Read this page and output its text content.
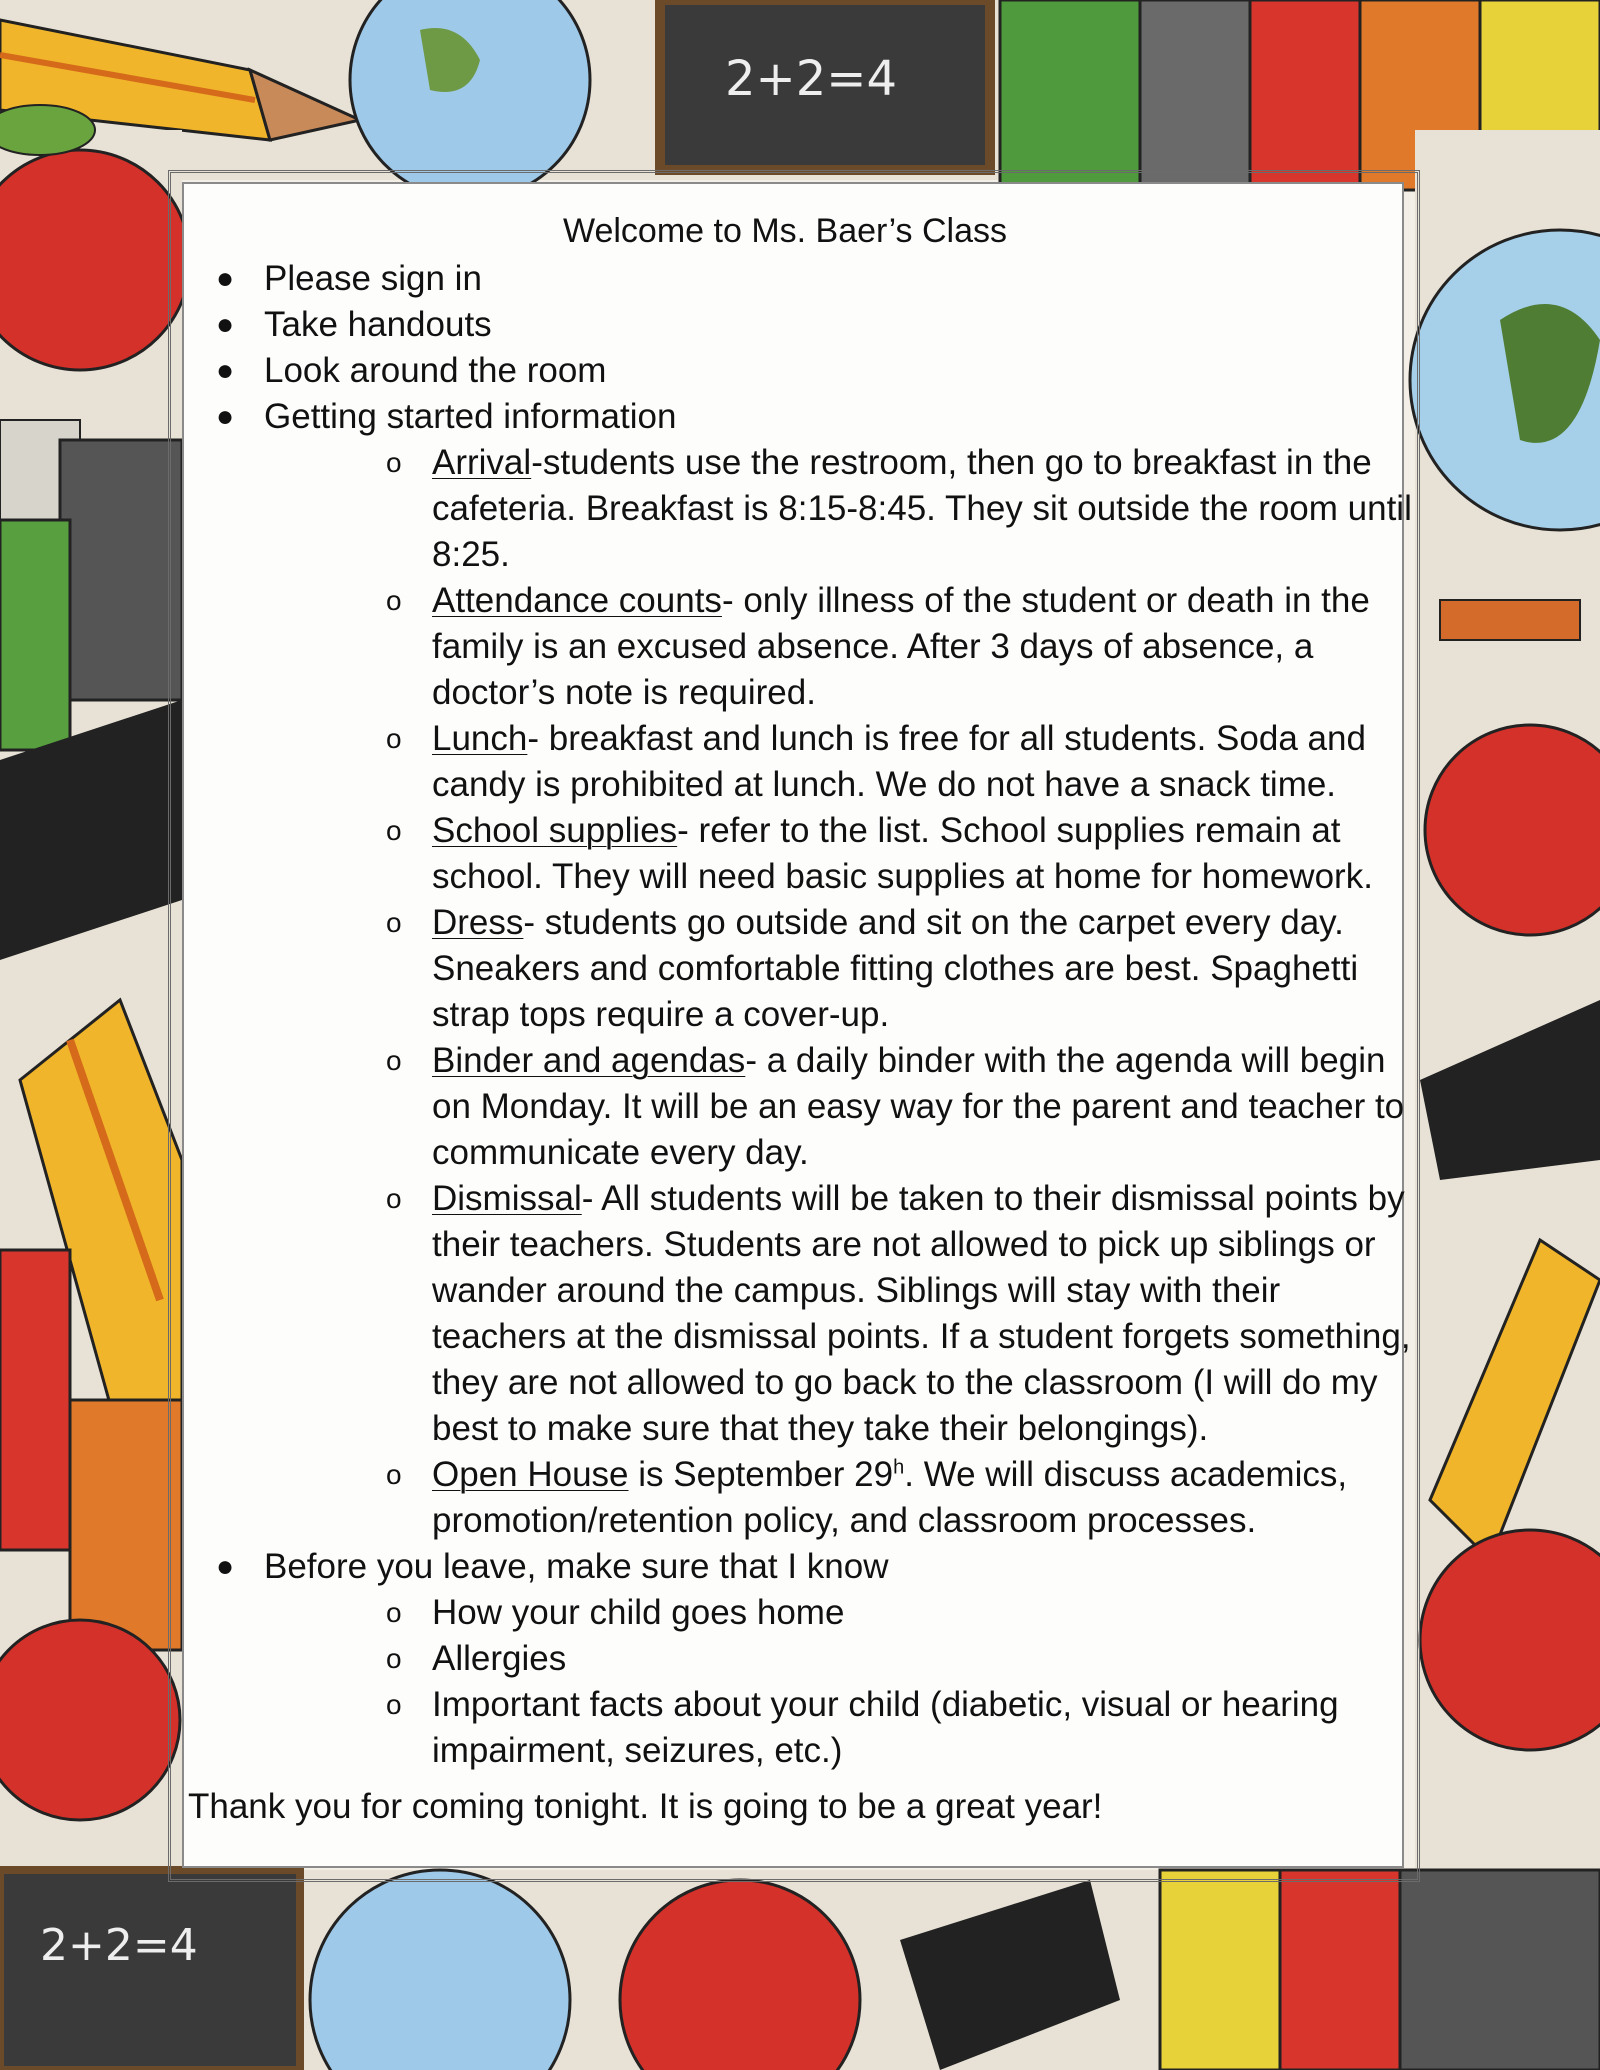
2+2=4
2+2=4
Welcome to Ms. Baer’s Class
● Please sign in
● Take handouts
● Look around the room
● Getting started information
o Arrival-students use the restroom, then go to breakfast in the cafeteria. Breakfast is 8:15-8:45. They sit outside the room until 8:25.
o Attendance counts- only illness of the student or death in the family is an excused absence. After 3 days of absence, a doctor’s note is required.
o Lunch- breakfast and lunch is free for all students. Soda and candy is prohibited at lunch. We do not have a snack time.
o School supplies- refer to the list. School supplies remain at school. They will need basic supplies at home for homework.
o Dress- students go outside and sit on the carpet every day. Sneakers and comfortable fitting clothes are best. Spaghetti strap tops require a cover-up.
o Binder and agendas- a daily binder with the agenda will begin on Monday. It will be an easy way for the parent and teacher to communicate every day.
o Dismissal- All students will be taken to their dismissal points by their teachers. Students are not allowed to pick up siblings or wander around the campus. Siblings will stay with their teachers at the dismissal points. If a student forgets something, they are not allowed to go back to the classroom (I will do my best to make sure that they take their belongings).
o Open House is September 29$^h$. We will discuss academics, promotion/retention policy, and classroom processes.
● Before you leave, make sure that I know
o How your child goes home
o Allergies
o Important facts about your child (diabetic, visual or hearing impairment, seizures, etc.)
Thank you for coming tonight. It is going to be a great year!
